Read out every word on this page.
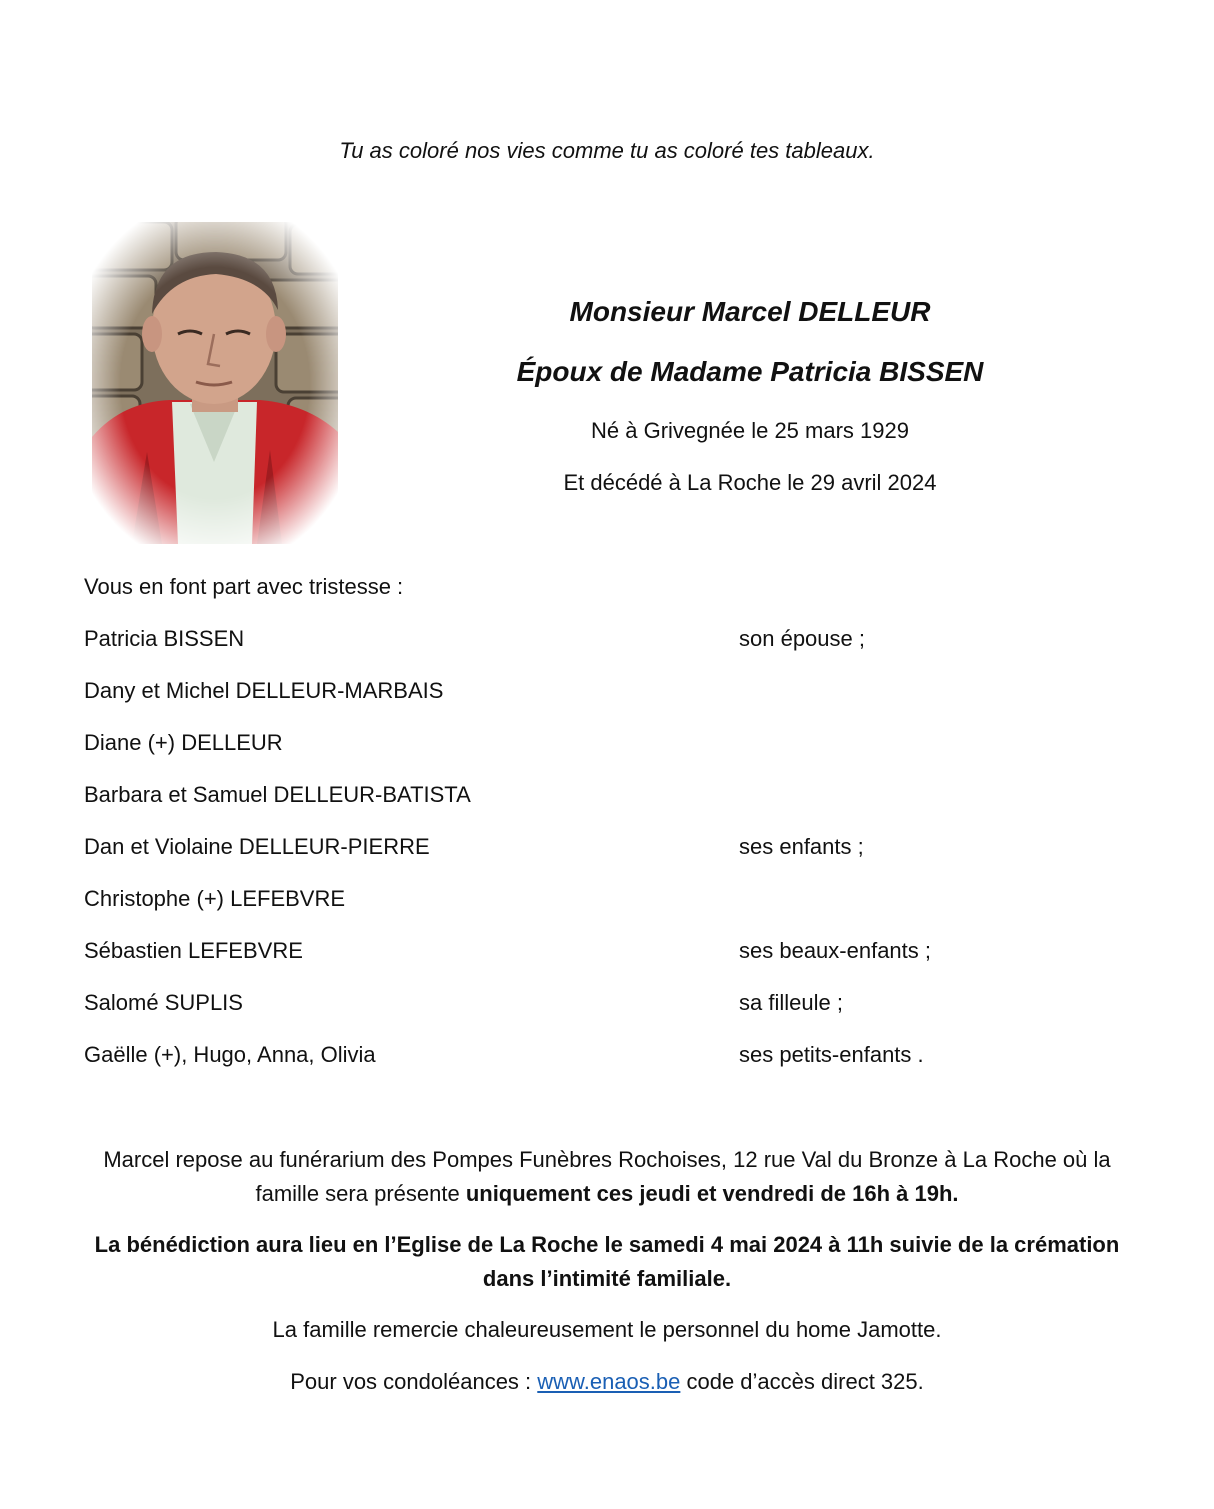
Tu as coloré nos vies comme tu as coloré tes tableaux.
Monsieur Marcel DELLEUR
Époux de Madame Patricia BISSEN
Né à Grivegnée le 25 mars 1929
Et décédé à La Roche le 29 avril 2024
Vous en font part avec tristesse :
Patricia BISSEN	son épouse ;
Dany et Michel DELLEUR-MARBAIS
Diane (+) DELLEUR
Barbara et Samuel DELLEUR-BATISTA
Dan et Violaine DELLEUR-PIERRE	ses enfants ;
Christophe (+) LEFEBVRE
Sébastien LEFEBVRE	ses beaux-enfants ;
Salomé SUPLIS	sa filleule ;
Gaëlle (+), Hugo, Anna, Olivia	ses petits-enfants .
Marcel repose au funérarium des Pompes Funèbres Rochoises, 12 rue Val du Bronze à La Roche où la famille sera présente uniquement ces jeudi et vendredi de 16h à 19h.
La bénédiction aura lieu en l’Eglise de La Roche le samedi 4 mai 2024 à 11h suivie de la crémation dans l’intimité familiale.
La famille remercie chaleureusement le personnel du home Jamotte.
Pour vos condoléances : www.enaos.be code d’accès direct 325.
